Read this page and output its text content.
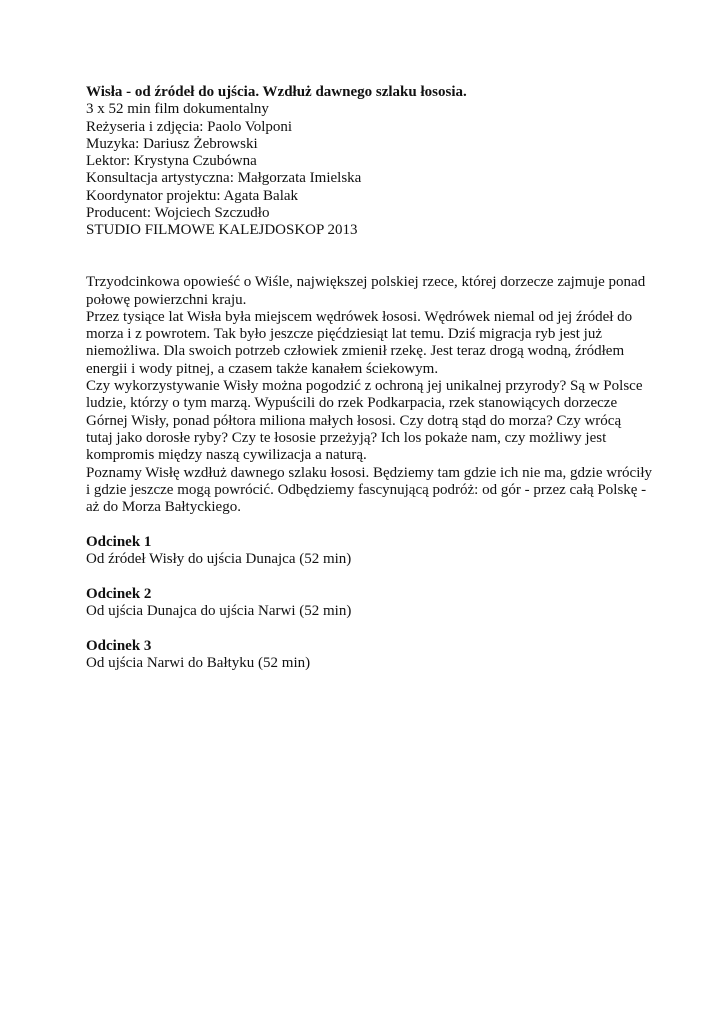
Wisła - od źródeł do ujścia. Wzdłuż dawnego szlaku łososia.
3 x 52 min film dokumentalny
Reżyseria i zdjęcia: Paolo Volponi
Muzyka: Dariusz Żebrowski
Lektor: Krystyna Czubówna
Konsultacja artystyczna: Małgorzata Imielska
Koordynator projektu: Agata Balak
Producent: Wojciech Szczudło
STUDIO FILMOWE KALEJDOSKOP 2013
Trzyodcinkowa opowieść o Wiśle, największej polskiej rzece, której dorzecze zajmuje ponad
połowę powierzchni kraju.
Przez tysiące lat Wisła była miejscem wędrówek łososi. Wędrówek niemal od jej źródeł do
morza i z powrotem. Tak było jeszcze pięćdziesiąt lat temu. Dziś migracja ryb jest już
niemożliwa. Dla swoich potrzeb człowiek zmienił rzekę. Jest teraz drogą wodną, źródłem
energii i wody pitnej, a czasem także kanałem ściekowym.
Czy wykorzystywanie Wisły można pogodzić z ochroną jej unikalnej przyrody? Są w Polsce
ludzie, którzy o tym marzą. Wypuścili do rzek Podkarpacia, rzek stanowiących dorzecze
Górnej Wisły, ponad półtora miliona małych łososi. Czy dotrą stąd do morza? Czy wrócą
tutaj jako dorosłe ryby? Czy te łososie przeżyją? Ich los pokaże nam, czy możliwy jest
kompromis między naszą cywilizacja a naturą.
Poznamy Wisłę wzdłuż dawnego szlaku łososi. Będziemy tam gdzie ich nie ma, gdzie wróciły
i gdzie jeszcze mogą powrócić. Odbędziemy fascynującą podróż: od gór - przez całą Polskę -
aż do Morza Bałtyckiego.
Odcinek 1
Od źródeł Wisły do ujścia Dunajca (52 min)
Odcinek 2
Od ujścia Dunajca do ujścia Narwi (52 min)
Odcinek 3
Od ujścia Narwi do Bałtyku (52 min)
